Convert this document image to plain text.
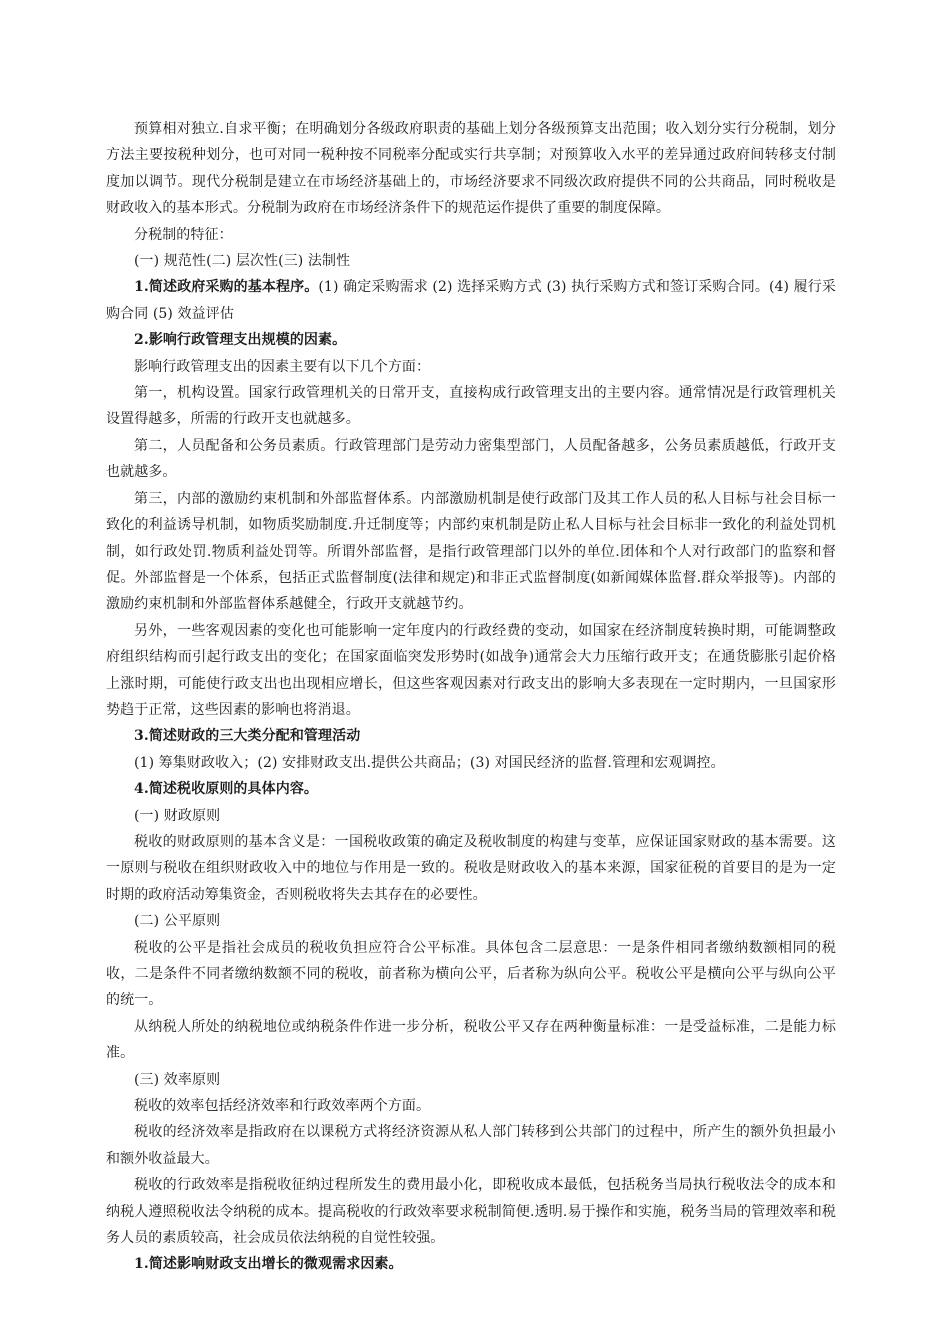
预算相对独立.自求平衡；在明确划分各级政府职责的基础上划分各级预算支出范围；收入划分实行分税制，划分方法主要按税种划分，也可对同一税种按不同税率分配或实行共享制；对预算收入水平的差异通过政府间转移支付制度加以调节。现代分税制是建立在市场经济基础上的，市场经济要求不同级次政府提供不同的公共商品，同时税收是财政收入的基本形式。分税制为政府在市场经济条件下的规范运作提供了重要的制度保障。

分税制的特征：

(一) 规范性(二) 层次性(三) 法制性

1.简述政府采购的基本程序。(1) 确定采购需求 (2) 选择采购方式 (3) 执行采购方式和签订采购合同。(4) 履行采购合同 (5) 效益评估

2.影响行政管理支出规模的因素。

影响行政管理支出的因素主要有以下几个方面：

第一，机构设置。国家行政管理机关的日常开支，直接构成行政管理支出的主要内容。通常情况是行政管理机关设置得越多，所需的行政开支也就越多。

第二，人员配备和公务员素质。行政管理部门是劳动力密集型部门，人员配备越多，公务员素质越低，行政开支也就越多。

第三，内部的激励约束机制和外部监督体系。内部激励机制是使行政部门及其工作人员的私人目标与社会目标一致化的利益诱导机制，如物质奖励制度.升迁制度等；内部约束机制是防止私人目标与社会目标非一致化的利益处罚机制，如行政处罚.物质利益处罚等。所谓外部监督，是指行政管理部门以外的单位.团体和个人对行政部门的监察和督促。外部监督是一个体系，包括正式监督制度(法律和规定)和非正式监督制度(如新闻媒体监督.群众举报等)。内部的激励约束机制和外部监督体系越健全，行政开支就越节约。

另外，一些客观因素的变化也可能影响一定年度内的行政经费的变动，如国家在经济制度转换时期，可能调整政府组织结构而引起行政支出的变化；在国家面临突发形势时(如战争)通常会大力压缩行政开支；在通货膨胀引起价格上涨时期，可能使行政支出也出现相应增长，但这些客观因素对行政支出的影响大多表现在一定时期内，一旦国家形势趋于正常，这些因素的影响也将消退。

3.简述财政的三大类分配和管理活动

(1) 筹集财政收入；(2) 安排财政支出.提供公共商品；(3) 对国民经济的监督.管理和宏观调控。

4.简述税收原则的具体内容。

(一) 财政原则

税收的财政原则的基本含义是：一国税收政策的确定及税收制度的构建与变革，应保证国家财政的基本需要。这一原则与税收在组织财政收入中的地位与作用是一致的。税收是财政收入的基本来源，国家征税的首要目的是为一定时期的政府活动筹集资金，否则税收将失去其存在的必要性。

(二) 公平原则

税收的公平是指社会成员的税收负担应符合公平标准。具体包含二层意思：一是条件相同者缴纳数额相同的税收，二是条件不同者缴纳数额不同的税收，前者称为横向公平，后者称为纵向公平。税收公平是横向公平与纵向公平的统一。

从纳税人所处的纳税地位或纳税条件作进一步分析，税收公平又存在两种衡量标准：一是受益标准，二是能力标准。

(三) 效率原则

税收的效率包括经济效率和行政效率两个方面。

税收的经济效率是指政府在以课税方式将经济资源从私人部门转移到公共部门的过程中，所产生的额外负担最小和额外收益最大。

税收的行政效率是指税收征纳过程所发生的费用最小化，即税收成本最低，包括税务当局执行税收法令的成本和纳税人遵照税收法令纳税的成本。提高税收的行政效率要求税制简便.透明.易于操作和实施，税务当局的管理效率和税务人员的素质较高，社会成员依法纳税的自觉性较强。

1.简述影响财政支出增长的微观需求因素。
